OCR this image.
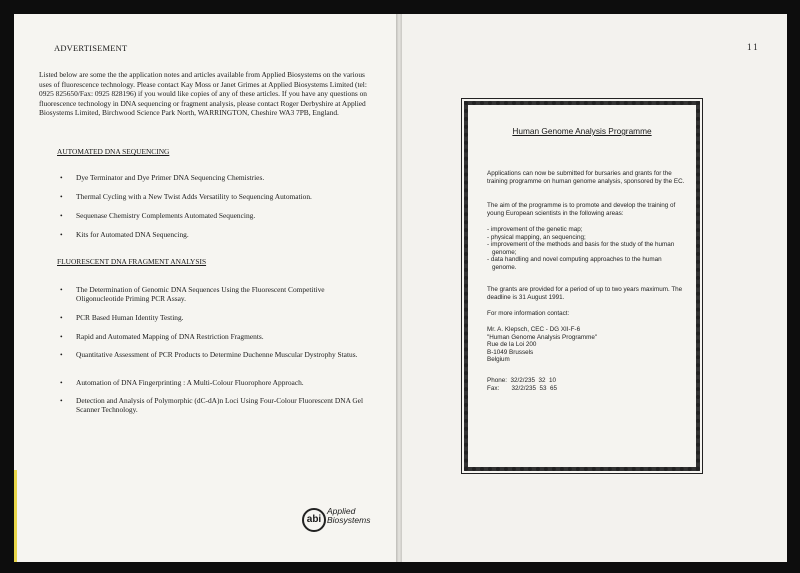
ADVERTISEMENT
Listed below are some the the application notes and articles available from Applied Biosystems on the various uses of fluorescence technology. Please contact Kay Moss or Janet Grimes at Applied Biosystems Limited (tel: 0925 825650/Fax: 0925 828196) if you would like copies of any of these articles. If you have any questions on fluorescence technology in DNA sequencing or fragment analysis, please contact Roger Derbyshire at Applied Biosystems Limited, Birchwood Science Park North, WARRINGTON, Cheshire WA3 7PB, England.
AUTOMATED DNA SEQUENCING
• Dye Terminator and Dye Primer DNA Sequencing Chemistries.
• Thermal Cycling with a New Twist Adds Versatility to Sequencing Automation.
• Sequenase Chemistry Complements Automated Sequencing.
• Kits for Automated DNA Sequencing.
FLUORESCENT DNA FRAGMENT ANALYSIS
• The Determination of Genomic DNA Sequences Using the Fluorescent Competitive Oligonucleotide Priming PCR Assay.
• PCR Based Human Identity Testing.
• Rapid and Automated Mapping of DNA Restriction Fragments.
• Quantitative Assessment of PCR Products to Determine Duchenne Muscular Dystrophy Status.
• Automation of DNA Fingerprinting : A Multi-Colour Fluorophore Approach.
• Detection and Analysis of Polymorphic (dC-dA)n Loci Using Four-Colour Fluorescent DNA Gel Scanner Technology.
abi
Applied
Biosystems
11
Human Genome Analysis Programme
Applications can now be submitted for bursaries and grants for the training programme on human genome analysis, sponsored by the EC.
The aim of the programme is to promote and develop the training of young European scientists in the following areas:
- improvement of the genetic map;
- physical mapping, an sequencing;
- improvement of the methods and basis for the study of the human genome;
- data handling and novel computing approaches to the human genome.
The grants are provided for a period of up to two years maximum. The deadline is 31 August 1991.
For more information contact:
Mr. A. Klepsch, CEC - DG XII-F-6
"Human Genome Analysis Programme"
Rue de la Loi 200
B-1049 Brussels
Belgium
Phone:  32/2/235  32  10
Fax:       32/2/235  53  65
